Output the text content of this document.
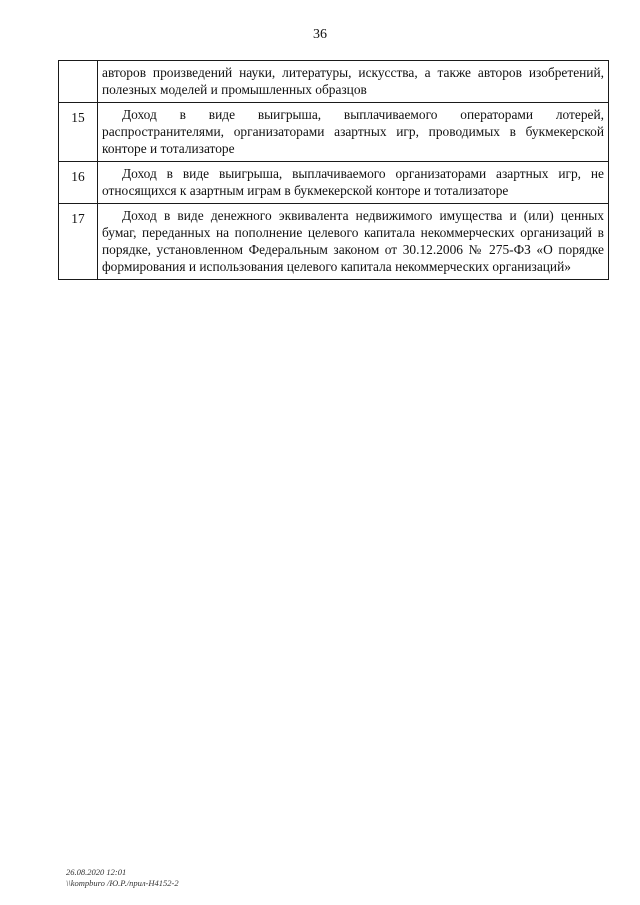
36

	авторов произведений науки, литературы, искусства, а также авторов изобретений, полезных моделей и промышленных образцов

15	Доход в виде выигрыша, выплачиваемого операторами лотерей, распространителями, организаторами азартных игр, проводимых в букмекерской конторе и тотализаторе

16	Доход в виде выигрыша, выплачиваемого организаторами азартных игр, не относящихся к азартным играм в букмекерской конторе и тотализаторе

17	Доход в виде денежного эквивалента недвижимого имущества и (или) ценных бумаг, переданных на пополнение целевого капитала некоммерческих организаций в порядке, установленном Федеральным законом от 30.12.2006 № 275-ФЗ «О порядке формирования и использования целевого капитала некоммерческих организаций»
26.08.2020 12:01
\\kompburo /Ю.Р./прил-Н4152-2
